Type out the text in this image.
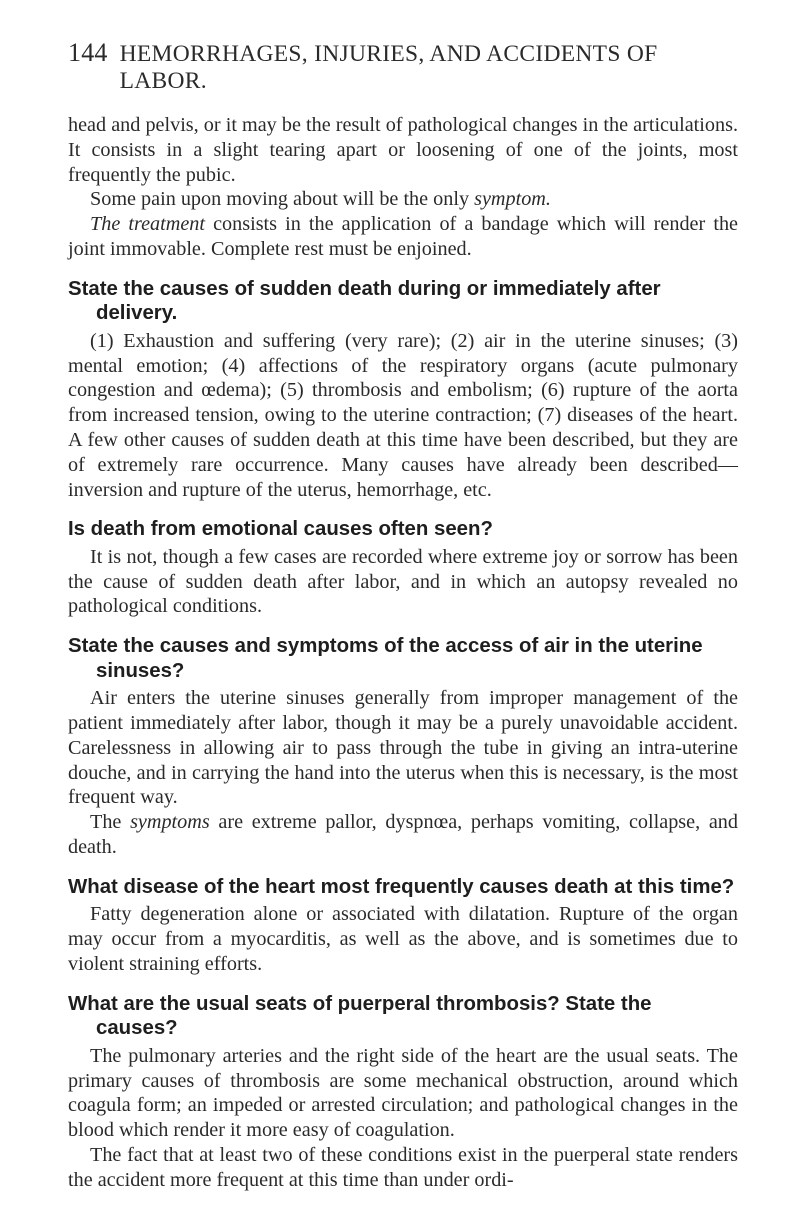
144 HEMORRHAGES, INJURIES, AND ACCIDENTS OF LABOR.

head and pelvis, or it may be the result of pathological changes in the articulations. It consists in a slight tearing apart or loosening of one of the joints, most frequently the pubic.

Some pain upon moving about will be the only symptom.

The treatment consists in the application of a bandage which will render the joint immovable. Complete rest must be enjoined.

State the causes of sudden death during or immediately after delivery.

(1) Exhaustion and suffering (very rare); (2) air in the uterine sinuses; (3) mental emotion; (4) affections of the respiratory organs (acute pulmonary congestion and œdema); (5) thrombosis and embolism; (6) rupture of the aorta from increased tension, owing to the uterine contraction; (7) diseases of the heart. A few other causes of sudden death at this time have been described, but they are of extremely rare occurrence. Many causes have already been described—inversion and rupture of the uterus, hemorrhage, etc.

Is death from emotional causes often seen?

It is not, though a few cases are recorded where extreme joy or sorrow has been the cause of sudden death after labor, and in which an autopsy revealed no pathological conditions.

State the causes and symptoms of the access of air in the uterine sinuses?

Air enters the uterine sinuses generally from improper management of the patient immediately after labor, though it may be a purely unavoidable accident. Carelessness in allowing air to pass through the tube in giving an intra-uterine douche, and in carrying the hand into the uterus when this is necessary, is the most frequent way.

The symptoms are extreme pallor, dyspnœa, perhaps vomiting, collapse, and death.

What disease of the heart most frequently causes death at this time?

Fatty degeneration alone or associated with dilatation. Rupture of the organ may occur from a myocarditis, as well as the above, and is sometimes due to violent straining efforts.

What are the usual seats of puerperal thrombosis? State the causes?

The pulmonary arteries and the right side of the heart are the usual seats. The primary causes of thrombosis are some mechanical obstruction, around which coagula form; an impeded or arrested circulation; and pathological changes in the blood which render it more easy of coagulation.

The fact that at least two of these conditions exist in the puerperal state renders the accident more frequent at this time than under ordi-
